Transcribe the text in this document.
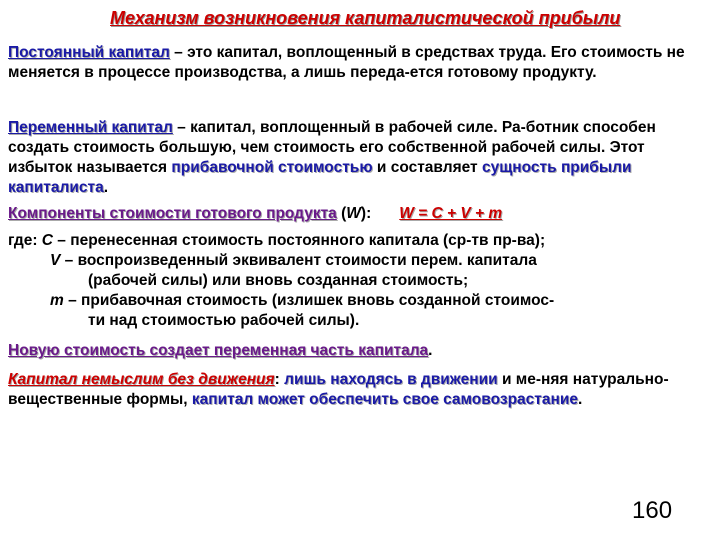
Механизм возникновения капиталистической прибыли
Постоянный капитал – это капитал, воплощенный в средствах труда. Его стоимость не меняется в процессе производства, а лишь переда-ется готовому продукту.
Переменный капитал – капитал, воплощенный в рабочей силе. Ра-ботник способен создать стоимость большую, чем стоимость его собственной рабочей силы. Этот избыток называется прибавочной стоимостью и составляет сущность прибыли капиталиста.
Компоненты стоимости готового продукта (W): W = C + V + m
где: C – перенесенная стоимость постоянного капитала (ср-тв пр-ва);
V – воспроизведенный эквивалент стоимости перем. капитала
(рабочей силы) или вновь созданная стоимость;
m – прибавочная стоимость (излишек вновь созданной стоимос-
ти над стоимостью рабочей силы).
Новую стоимость создает переменная часть капитала.
Капитал немыслим без движения: лишь находясь в движении и ме-няя натурально-вещественные формы, капитал может обеспечить свое самовозрастание.
160
